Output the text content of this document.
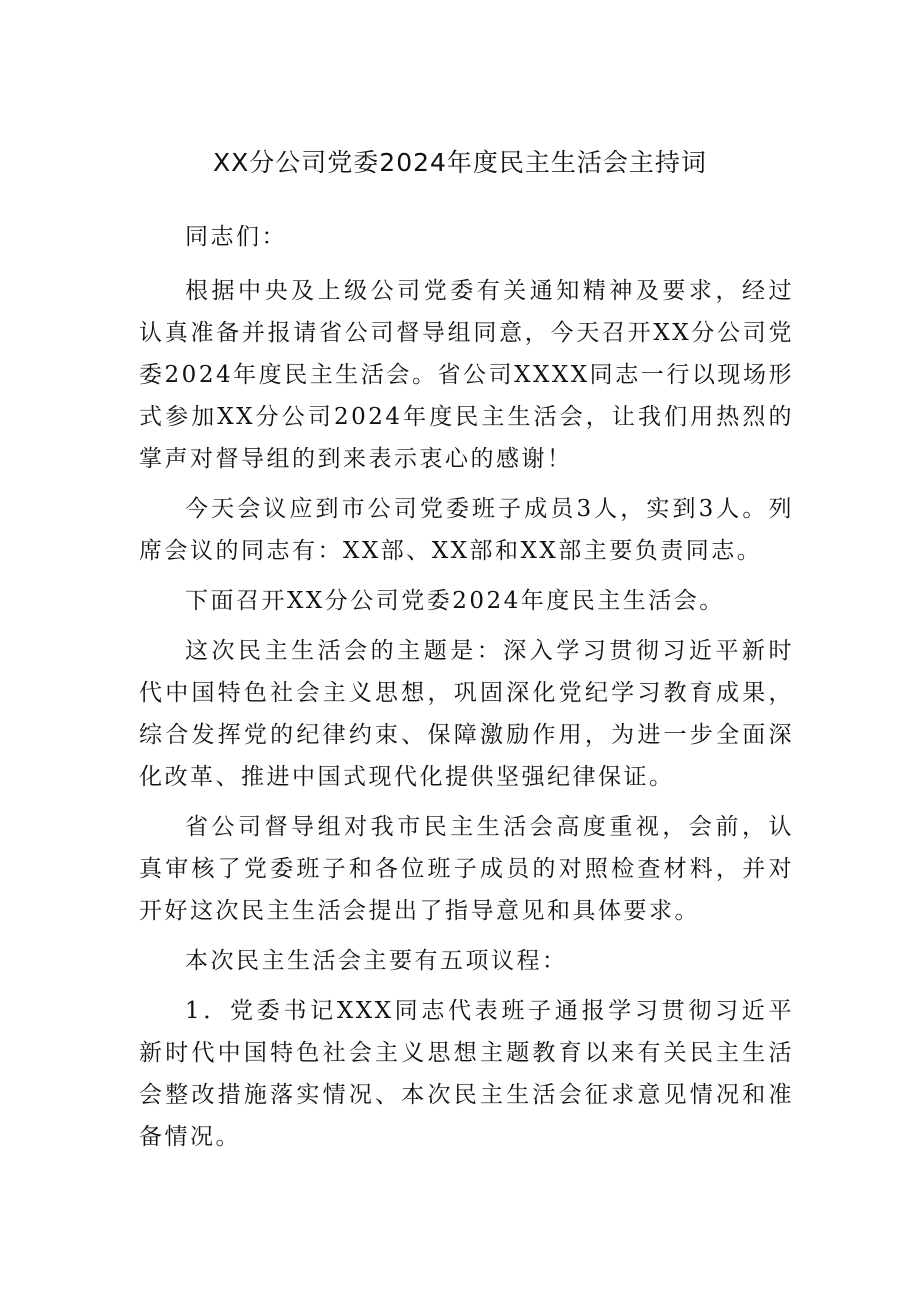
XX分公司党委2024年度民主生活会主持词

同志们：

根据中央及上级公司党委有关通知精神及要求，经过认真准备并报请省公司督导组同意，今天召开XX分公司党委2024年度民主生活会。省公司XXXX同志一行以现场形式参加XX分公司2024年度民主生活会，让我们用热烈的掌声对督导组的到来表示衷心的感谢！

今天会议应到市公司党委班子成员3人，实到3人。列席会议的同志有：XX部、XX部和XX部主要负责同志。

下面召开XX分公司党委2024年度民主生活会。

这次民主生活会的主题是：深入学习贯彻习近平新时代中国特色社会主义思想，巩固深化党纪学习教育成果，综合发挥党的纪律约束、保障激励作用，为进一步全面深化改革、推进中国式现代化提供坚强纪律保证。

省公司督导组对我市民主生活会高度重视，会前，认真审核了党委班子和各位班子成员的对照检查材料，并对开好这次民主生活会提出了指导意见和具体要求。

本次民主生活会主要有五项议程：

1．党委书记XXX同志代表班子通报学习贯彻习近平新时代中国特色社会主义思想主题教育以来有关民主生活会整改措施落实情况、本次民主生活会征求意见情况和准备情况。
